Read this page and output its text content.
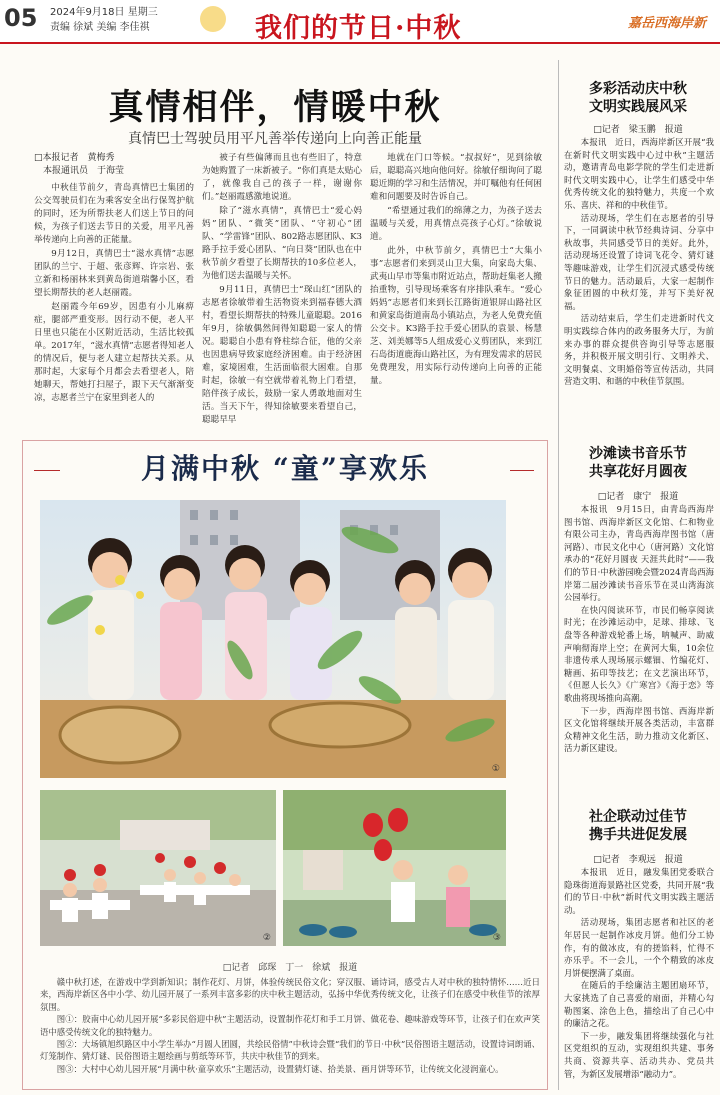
05 2024年9月18日 星期三
责编 徐斌 美编 李佳祺	我们的节日·中秋	嘉岳西海岸新
真情相伴，情暖中秋
真情巴士驾驶员用平凡善举传递向上向善正能量
□本报记者　黄梅秀
　本报通讯员　于海莹

中秋佳节前夕，青岛真情巴士集团的公交驾驶员们在为乘客安全出行保驾护航的同时，还为所帮扶老人们送上节日的问候，为孩子们送去节日的关爱，用平凡善举传递向上向善的正能量。

9月12日，真情巴士“滋水真情”志愿团队的兰宁、于超、张彦辉、许宗岩、张立新和杨丽林来到黄岛街道瑞馨小区，看望长期帮扶的老人赵丽霞。

赵丽霞今年69岁，因患有小儿麻痹症，腿部严重变形。因行动不便，老人平日里也只能在小区附近活动，生活比较孤单。2017年，“滋水真情”志愿者得知老人的情况后，便与老人建立起帮扶关系。从那时起，大家每个月都会去看望老人，陪她聊天，帮她打扫屋子，跟下天气渐渐变凉，志愿者兰宁在家里到老人的

被子有些偏薄而且也有些旧了，特意为她购置了一床新被子。“你们真是太贴心了，就像我自己的孩子一样，谢谢你们。”赵丽霞感激地说道。

除了“滋水真情”，真情巴士“爱心妈妈”团队、“微笑”团队、“守初心”团队、“学雷锋”团队、802路志愿团队、K3路手拉手爱心团队、“向日葵”团队也在中秋节前夕看望了长期帮扶的10多位老人，为他们送去温暖与关怀。

9月11日，真情巴士“琛山红”团队的志愿者徐敏带着生活物资来到福春德大酒村，看望长期帮扶的特殊儿童聪聪。2016年9月，徐敏偶然间得知聪聪一家人的情况。聪聪自小患有脊柱综合征，他的父亲也因患病导致家庭经济困难。由于经济困难，家境困难，生活面临很大困难。自那时起，徐敏一有空就带着礼物上门看望，陪伴孩子成长，鼓励一家人勇敢地面对生活。当天下午，得知徐敏要来看望自己，聪聪早早

地就在门口等候。“叔叔好”，见到徐敏后，聪聪高兴地向他问好。徐敏仔细询问了聪聪近期的学习和生活情况，并叮嘱他有任何困难和问题要及时告诉自己。

“希望通过我们的绵薄之力，为孩子送去温暖与关爱，用真情点亮孩子心灯。”徐敏说道。

此外，中秋节前夕，真情巴士“大集小事”志愿者们来到灵山卫大集，向家岛大集、武夷山早市等集市附近站点，帮助赶集老人搬抬重物，引导现场乘客有序排队乘车。“爱心妈妈”志愿者们来到长江路街道银屏山路社区和黄家岛街道南岛小镇站点，为老人免费充值公交卡。K3路手拉手爱心团队的袁景、杨慧芝、刘美娜等5人组成爱心义剪团队，来到江石岛街道鹿海山路社区，为有理发需求的居民免费理发，用实际行动传递向上向善的正能量。

多彩活动庆中秋
文明实践展风采
□记者　梁玉鹏　报道

本报讯　近日，西海岸新区开展“我在新时代文明实践中心过中秋”主题活动，邀请青岛电影学院的学生们走进新时代文明实践中心，让学生们感受中华优秀传统文化的独特魅力，共度一个欢乐、喜庆、祥和的中秋佳节。

活动现场，学生们在志愿者的引导下，一同调读中秋节经典诗词、分享中秋故事，共同感受节日的美好。此外，活动现场还设置了诗词飞花令、猜灯谜等趣味游戏，让学生们沉浸式感受传统节日的魅力。活动最后，大家一起制作象征团圆的中秋灯笼，并写下美好祝福。

活动结束后，学生们走进新时代文明实践综合体内的政务服务大厅，为前来办事的群众提供咨询引导等志愿服务，并积极开展文明引行、文明养犬、文明餐桌、文明婚俗等宣传活动，共同营造文明、和谐的中秋佳节氛围。

沙滩读书音乐节
共享花好月圆夜
□记者　康宁　报道

本报讯　9月15日，由青岛西海岸图书馆、西海岸新区文化馆、仁和物业有限公司主办，青岛西海岸图书馆（唐河路）、市民文化中心（唐河路）文化馆承办的“花好月圆夜 天涯共此时”——我们的节日·中秋游园晚会暨2024青岛西海岸第二届沙滩读书音乐节在灵山湾海滨公园举行。

在快闪阅读环节，市民们畅享阅读时光；在沙滩运动中，足球、排球、飞盘等各种游戏轮番上场，呐喊声、助威声响彻海岸上空；在黄河大集，10余位非遗传承人现场展示螺钿、竹编花灯、糖画、拓印等技艺；在文艺演出环节，《但愿人长久》《广寒宫》《海于恋》等歌曲将现场推向高潮。

下一步，西海岸图书馆、西海岸新区文化馆将继续开展各类活动，丰富群众精神文化生活，助力推动文化新区、活力新区建设。

社企联动过佳节
携手共进促发展
□记者　李观远　报道

本报讯　近日，融发集团党委联合隐珠街道海景路社区党委，共同开展“我们的节日·中秋”新时代文明实践主题活动。

活动现场，集团志愿者和社区的老年居民一起制作冰皮月饼。他们分工协作，有的做冰皮，有的搓馅料，忙得不亦乐乎。不一会儿，一个个精致的冰皮月饼便摆满了桌面。

在随后的手绘廉洁主题团扇环节，大家挑选了自己喜爱的扇面，并精心勾勒图案、涂色上色，描绘出了自己心中的廉洁之花。

下一步，融发集团将继续强化与社区党组织的互动，实现组织共建、事务共商、资源共享、活动共办、党员共管，为新区发展增添“融动力”。

月满中秋 “童”享欢乐
①
②	③
□记者　邱琛　丁一　徐斌　报道

赣中秋打述，在游戏中学到新知识；制作花灯、月饼，体验传统民俗文化；穿汉服、诵诗词，感受古人对中秋的独特情怀……近日来，西海岸新区各中小学、幼儿园开展了一系列丰富多彩的庆中秋主题活动，弘扬中华优秀传统文化，让孩子们在感受中秋佳节的浓厚氛围。

图①：胶南中心幼儿园开展“多彩民俗迎中秋”主题活动，设置制作花灯和手工月饼、做花卷、趣味游戏等环节，让孩子们在欢声笑语中感受传统文化的独特魅力。

图②：大场镇旭织路区中小学生举办“月圆人团圆，共绘民俗情”中秋诗会暨“我们的节日·中秋”民俗图语主题活动，设置诗词朗诵、灯笼制作、猜灯谜、民俗图语主题绘画与剪纸等环节，共庆中秋佳节的到来。

图③：大村中心幼儿园开展“月满中秋·童享欢乐”主题活动，设置猜灯谜、拾美景、画月饼等环节，让传统文化浸润童心。
